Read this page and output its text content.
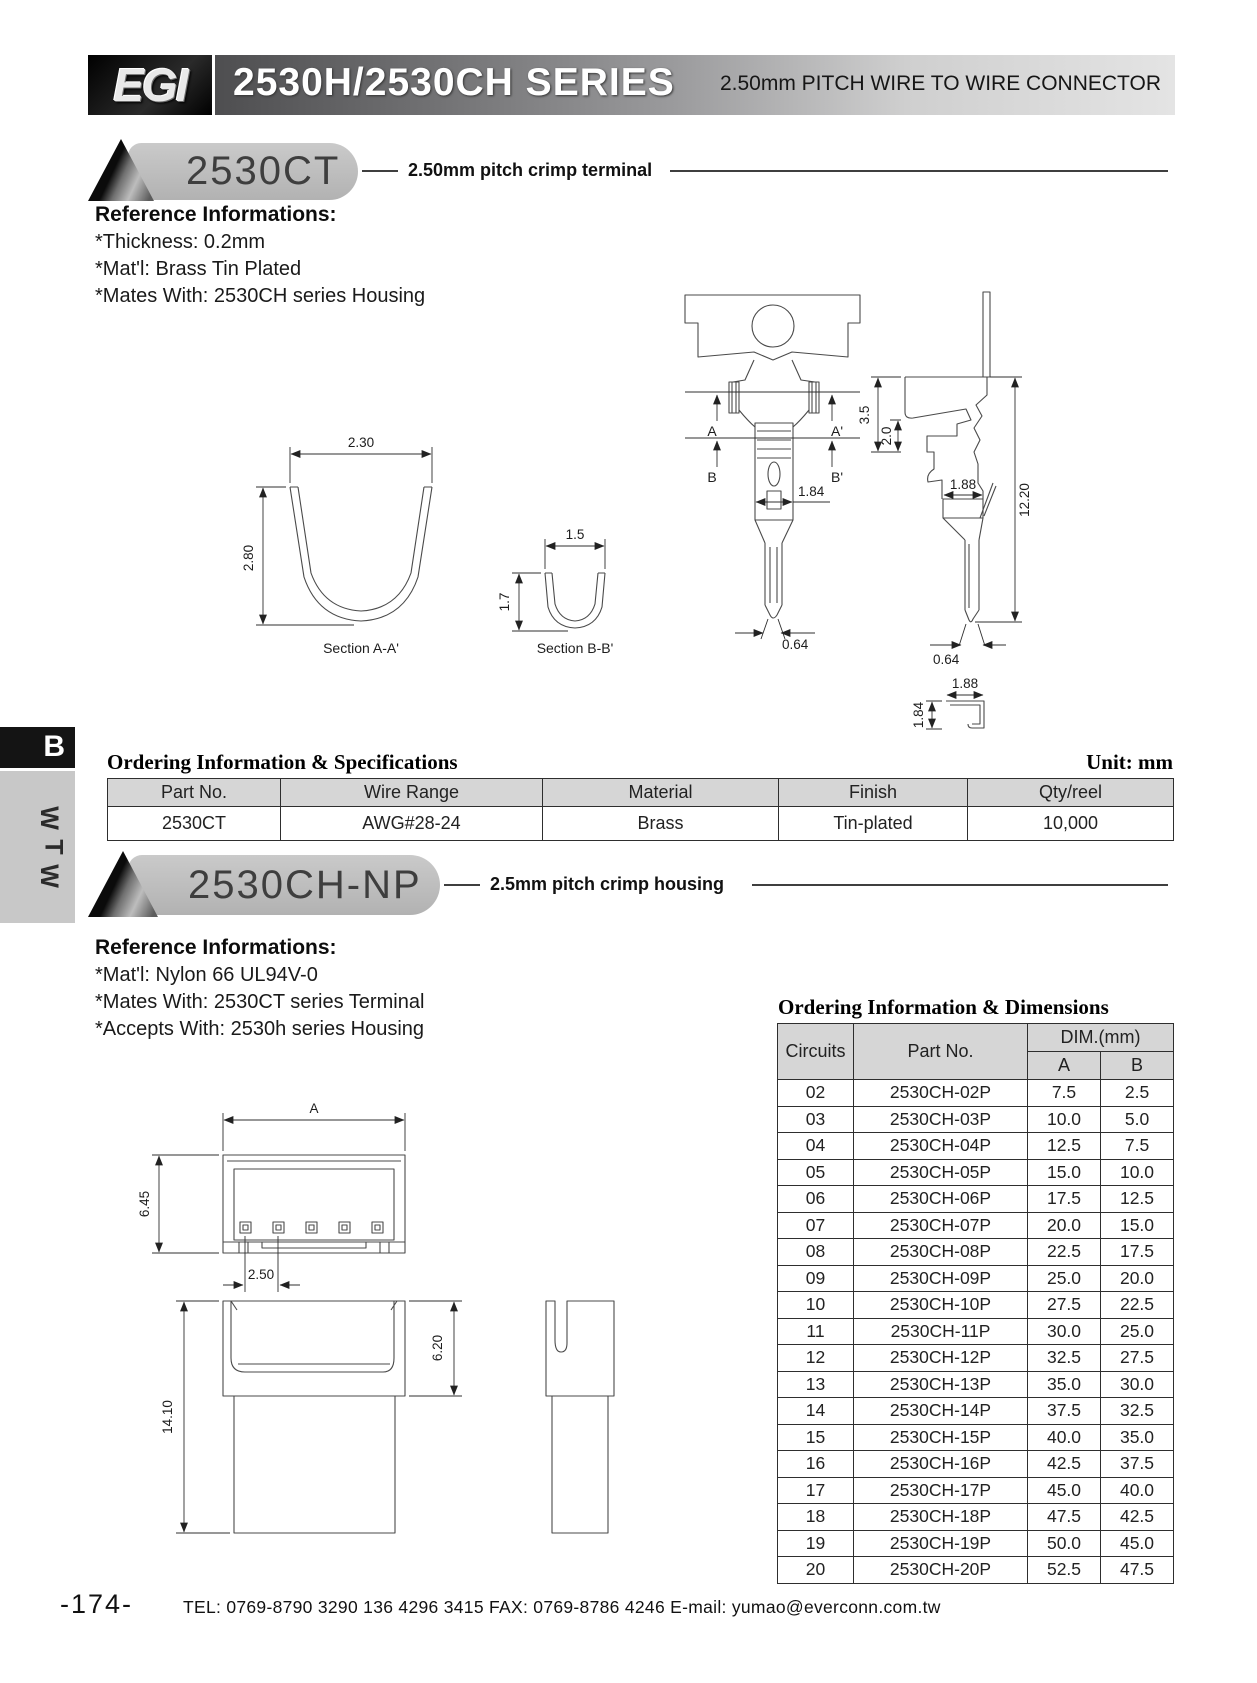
EGI 2530H/2530CH SERIES 2.50mm PITCH WIRE TO WIRE CONNECTOR
2530CT	2.50mm pitch crimp terminal
Reference Informations:
*Thickness: 0.2mm
*Mat'l: Brass Tin Plated
*Mates With: 2530CH series Housing
2.30
2.80
Section A-A'
1.5
1.7
Section B-B'
A	A'
B	B'
1.84
0.64
3.5
2.0
1.88	12.20
0.64
1.88
1.84
B
W
T
W
Ordering Information & Specifications	Unit: mm
Part No.	Wire Range	Material	Finish	Qty/reel
2530CT	AWG#28-24	Brass	Tin-plated	10,000
2530CH-NP	2.5mm pitch crimp housing
Reference Informations:
*Mat'l: Nylon 66 UL94V-0
*Mates With: 2530CT series Terminal
*Accepts With: 2530h series Housing
Ordering Information & Dimensions
Circuits	Part No.	DIM.(mm)	
		A	B
02	2530CH-02P	7.5	2.5
03	2530CH-03P	10.0	5.0
04	2530CH-04P	12.5	7.5
05	2530CH-05P	15.0	10.0
06	2530CH-06P	17.5	12.5
07	2530CH-07P	20.0	15.0
08	2530CH-08P	22.5	17.5
09	2530CH-09P	25.0	20.0
10	2530CH-10P	27.5	22.5
11	2530CH-11P	30.0	25.0
12	2530CH-12P	32.5	27.5
13	2530CH-13P	35.0	30.0
14	2530CH-14P	37.5	32.5
15	2530CH-15P	40.0	35.0
16	2530CH-16P	42.5	37.5
17	2530CH-17P	45.0	40.0
18	2530CH-18P	47.5	42.5
19	2530CH-19P	50.0	45.0
20	2530CH-20P	52.5	47.5
A
6.45
2.50
14.10
6.20
-174-	TEL: 0769-8790 3290 136 4296 3415 FAX: 0769-8786 4246 E-mail: yumao@everconn.com.tw
